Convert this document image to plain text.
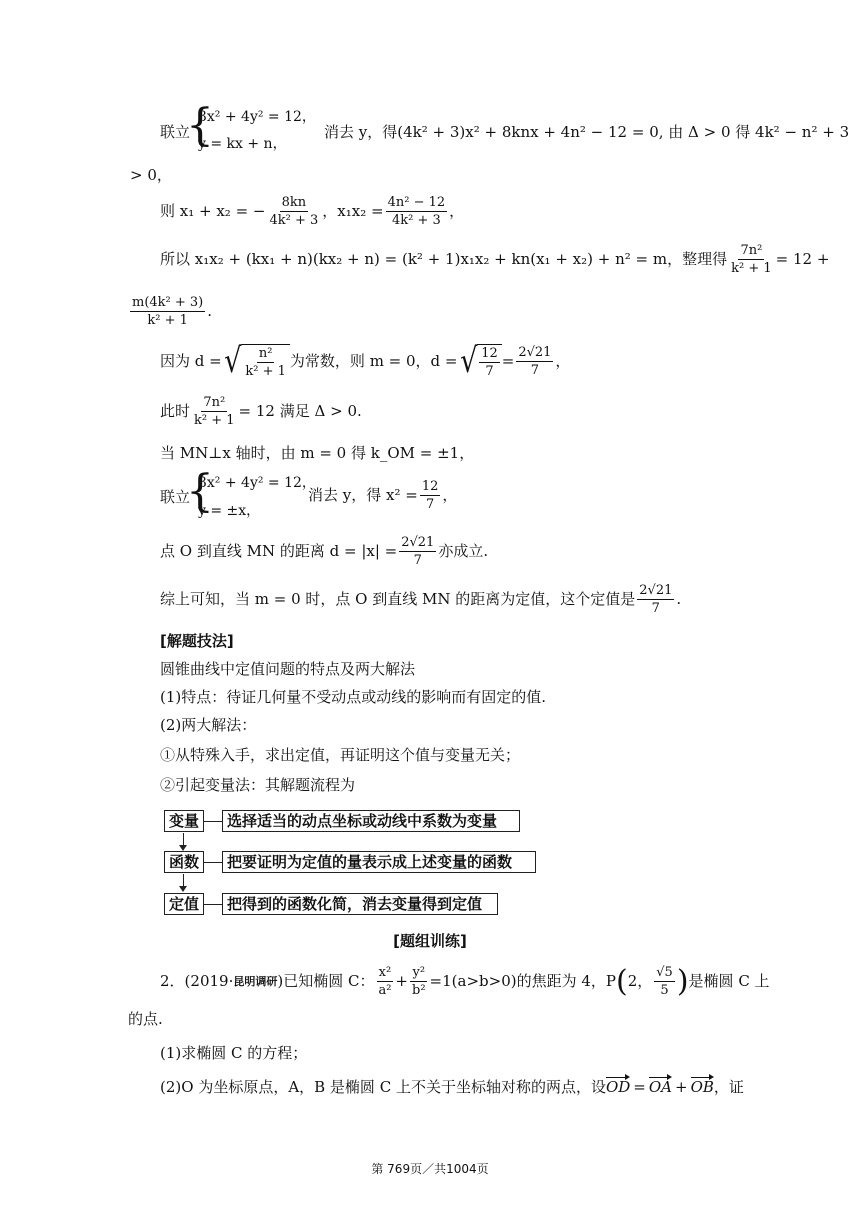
联立
{
3x² + 4y² = 12，
y = kx + n，
消去 y，得(4k² + 3)x² + 8knx + 4n² − 12 = 0, 由 Δ > 0 得 4k² − n² + 3
> 0，
则 x₁ + x₂ = − $\frac{8kn}{\text{4k² + 3}}$ ，$x_1x_2 = \frac{\text{4n² − 12}}{\text{4k² + 3}}$ ，
所以 x₁x₂ + (kx₁ + n)(kx₂ + n) = (k² + 1)x₁x₂ + kn(x₁ + x₂) + n² = m，整理得 $\frac{\text{7n²}}{\text{k² + 1}} = 12$ +
$\frac{\text{m(4k² + 3)}}{\text{k² + 1}}$ .
因为 d = √ $\frac{\text{n²}}{\text{k² + 1}}$ 为常数，则 m = 0，d = √ $\frac{12}{7} = \frac{2√21}{7}$ ，
此时 $\frac{\text{7n²}}{\text{k² + 1}} = 12$ 满足 Δ > 0.
当 MN⊥x 轴时，由 m = 0 得 k_OM = ±1，
联立
{
3x² + 4y² = 12，
y = ±x，
消去 y，得 $x^2 = \frac{12}{7}$ ，
点 O 到直线 MN 的距离 $d = |x| = \frac{2√21}{7}$ 亦成立.
综上可知，当 m = 0 时，点 O 到直线 MN 的距离为定值，这个定值是 $\frac{2√21}{7}$ .
[解题技法]
圆锥曲线中定值问题的特点及两大解法
(1)特点：待证几何量不受动点或动线的影响而有固定的值.
(2)两大解法：
①从特殊入手，求出定值，再证明这个值与变量无关；
②引起变量法：其解题流程为
变量	选择适当的动点坐标或动线中系数为变量
函数	把要证明为定值的量表示成上述变量的函数
定值	把得到的函数化简，消去变量得到定值
[题组训练]
2．(2019· 昆明调研 )已知椭圆 C： $\frac{\text{x²}}{\text{a²}} + \frac{\text{y²}}{\text{b²}} =1(a>b>0)$的焦距为 4，P ( 2， $\frac{√5}{5}$ ) 是椭圆 C 上
的点.
(1)求椭圆 C 的方程；
(2)O 为坐标原点，A，B 是椭圆 C 上不关于坐标轴对称的两点，设 OD = OA + OB ，证
第 769页／共1004页
